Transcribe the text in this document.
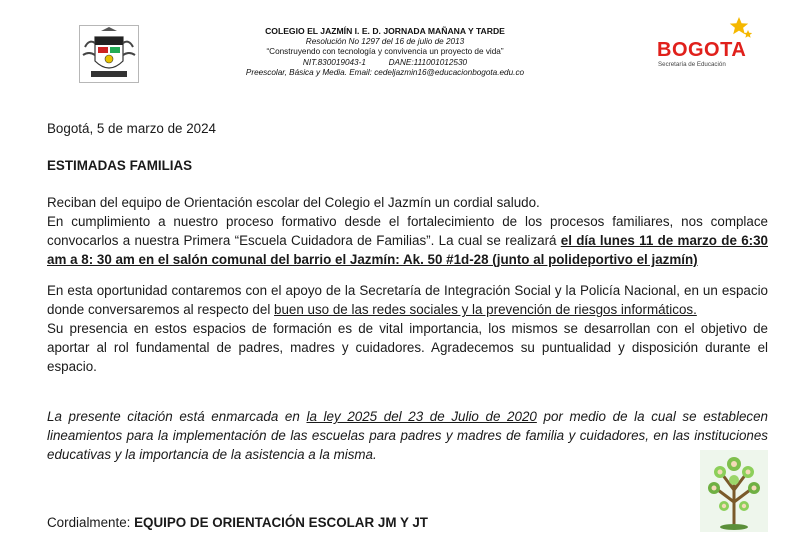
COLEGIO EL JAZMÍN I. E. D. JORNADA MAÑANA Y TARDE
Resolución No 1297 del 16 de julio de 2013
“Construyendo con tecnología y convivencia un proyecto de vida”
NIT.830019043-1          DANE:111001012530
Preescolar, Básica y Media. Email: cedeljazmin16@educacionbogota.edu.co
BOGOTA
Secretaría de Educación
Bogotá, 5 de marzo de 2024
ESTIMADAS FAMILIAS
Reciban del equipo de Orientación escolar del Colegio el Jazmín un cordial saludo.
En cumplimiento a nuestro proceso formativo desde el fortalecimiento de los procesos familiares, nos complace convocarlos a nuestra Primera “Escuela Cuidadora de Familias”. La cual se realizará el día lunes 11 de marzo de 6:30 am a 8: 30 am en el salón comunal del barrio el Jazmín: Ak. 50 #1d-28 (junto al polideportivo el jazmín)
En esta oportunidad contaremos con el apoyo de la Secretaría de Integración Social y la Policía Nacional, en un espacio donde conversaremos al respecto del buen uso de las redes sociales y la prevención de riesgos informáticos.
Su presencia en estos espacios de formación es de vital importancia, los mismos se desarrollan con el objetivo de aportar al rol fundamental de padres, madres y cuidadores. Agradecemos su puntualidad y disposición durante el espacio.
La presente citación está enmarcada en la ley 2025 del 23 de Julio de 2020 por medio de la cual se establecen lineamientos para la implementación de las escuelas para padres y madres de familia y cuidadores, en las instituciones educativas y la importancia de la asistencia a la misma.
Cordialmente: EQUIPO DE ORIENTACIÓN ESCOLAR JM Y JT
